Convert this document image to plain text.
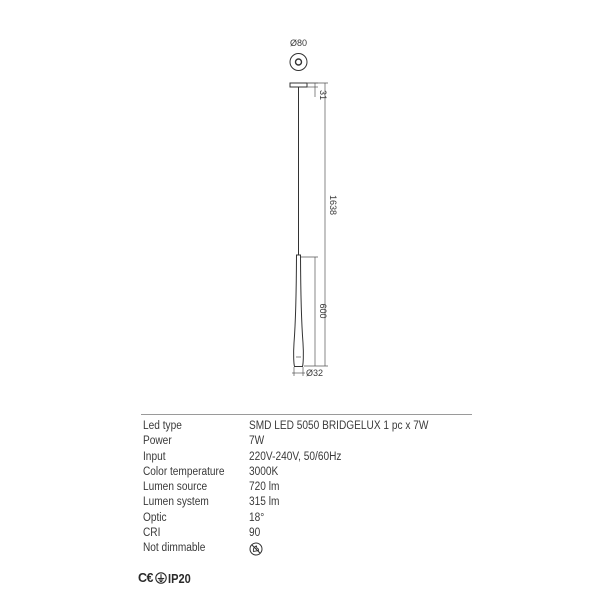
Ø80
31
1638
600
Ø32
Led type	SMD LED 5050 BRIDGELUX 1 pc x 7W
Power	7W
Input	220V-240V, 50/60Hz
Color temperature 3000K
Lumen source	720 lm
Lumen system	315 lm
Optic	18°
CRI	90
Not dimmable
C€ IP20
